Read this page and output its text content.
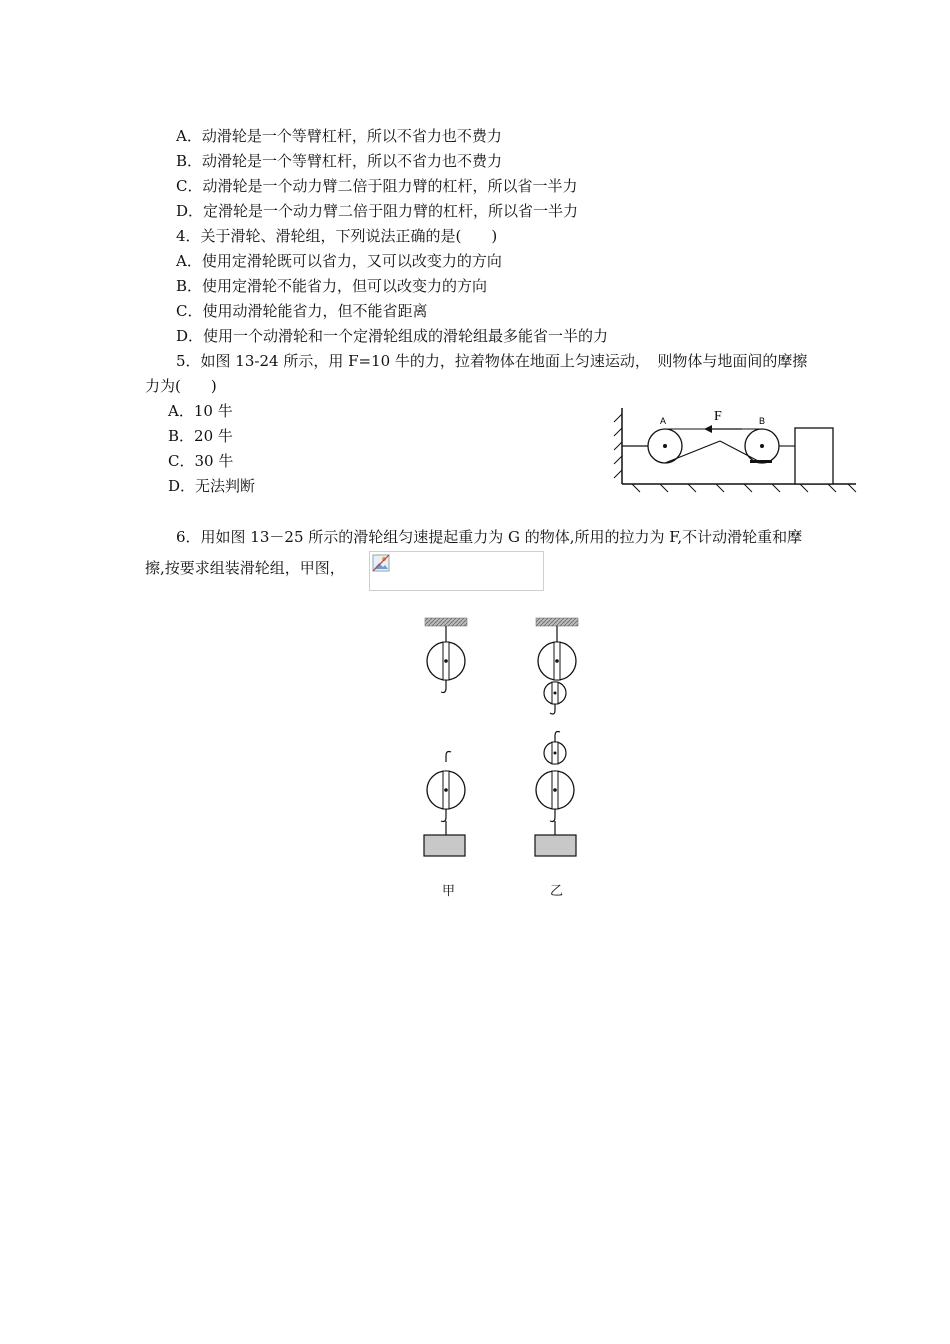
A．动滑轮是一个等臂杠杆，所以不省力也不费力
B．动滑轮是一个等臂杠杆，所以不省力也不费力
C．动滑轮是一个动力臂二倍于阻力臂的杠杆，所以省一半力
D．定滑轮是一个动力臂二倍于阻力臂的杠杆，所以省一半力
4．关于滑轮、滑轮组，下列说法正确的是(　　)
A．使用定滑轮既可以省力，又可以改变力的方向
B．使用定滑轮不能省力，但可以改变力的方向
C．使用动滑轮能省力，但不能省距离
D．使用一个动滑轮和一个定滑轮组成的滑轮组最多能省一半的力
5．如图 13-24 所示，用 F=10 牛的力，拉着物体在地面上匀速运动，　则物体与地面间的摩擦
力为(　　)
A．10 牛
B．20 牛
C．30 牛
D．无法判断
A	B
F
6．用如图 13－25 所示的滑轮组匀速提起重力为 G 的物体,所用的拉力为 F,不计动滑轮重和摩
擦,按要求组装滑轮组，甲图，
甲	乙
